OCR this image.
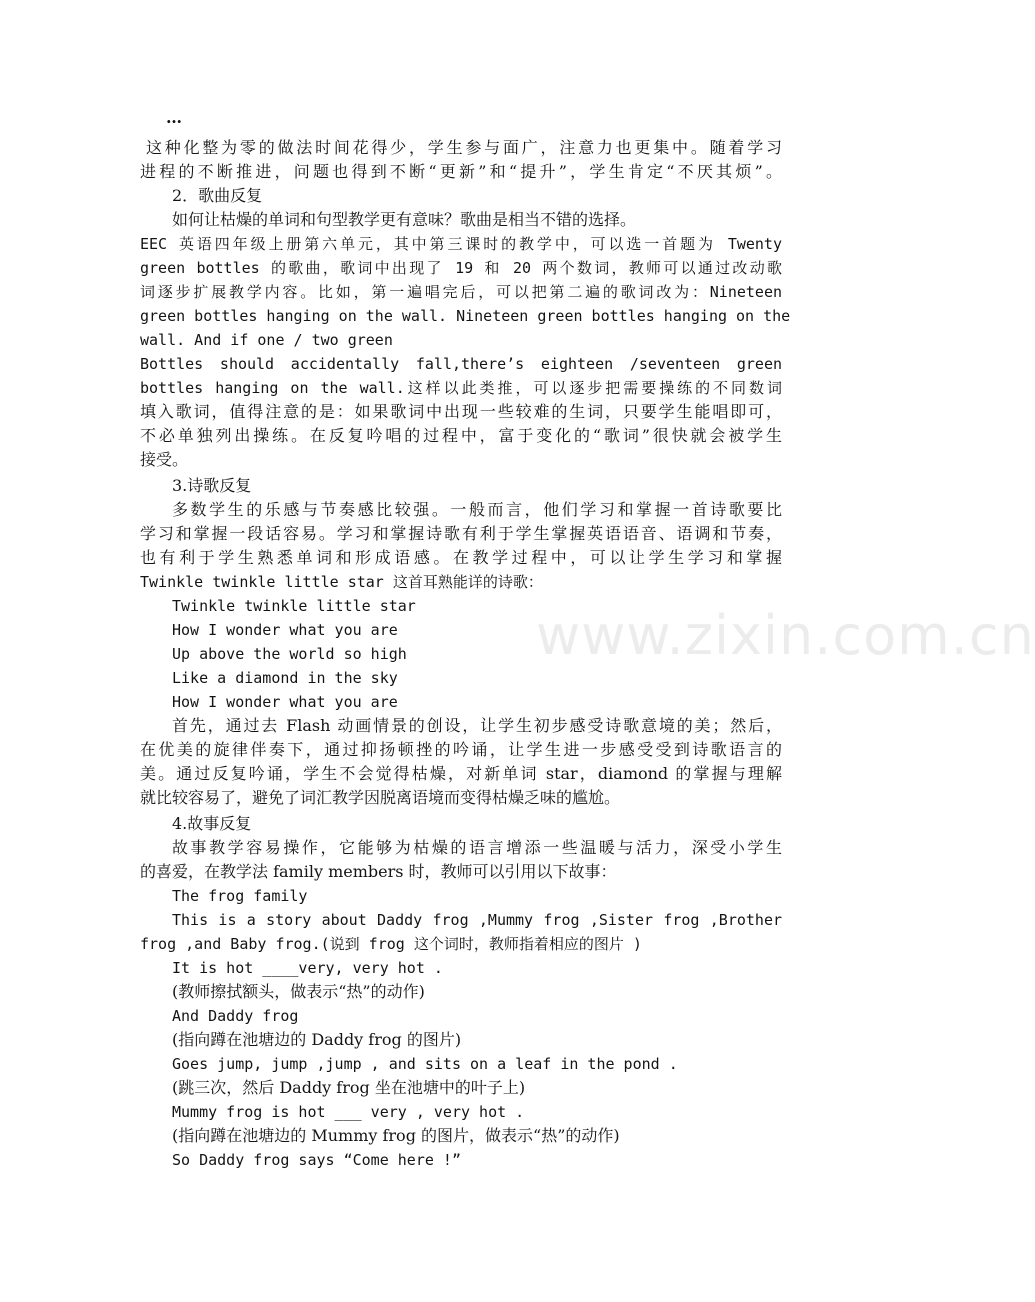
www.zixin.com.cn
…
这种化整为零的做法时间花得少，学生参与面广，注意力也更集中。随着学习
进程的不断推进，问题也得到不断“更新”和“提升”，学生肯定“不厌其烦”。
2．歌曲反复
如何让枯燥的单词和句型教学更有意味？歌曲是相当不错的选择。
EEC 英语四年级上册第六单元，其中第三课时的教学中，可以选一首题为 Twenty
green bottles 的歌曲，歌词中出现了 19 和 20 两个数词，教师可以通过改动歌
词逐步扩展教学内容。比如，第一遍唱完后，可以把第二遍的歌词改为：Nineteen
green bottles hanging on the wall. Nineteen green bottles hanging on the
wall. And if one / two green
Bottles should accidentally fall,there’s eighteen /seventeen green
bottles hanging on the wall.这样以此类推，可以逐步把需要操练的不同数词
填入歌词，值得注意的是：如果歌词中出现一些较难的生词，只要学生能唱即可，
不必单独列出操练。在反复吟唱的过程中，富于变化的“歌词”很快就会被学生
接受。
3.诗歌反复
多数学生的乐感与节奏感比较强。一般而言，他们学习和掌握一首诗歌要比
学习和掌握一段话容易。学习和掌握诗歌有利于学生掌握英语语音、语调和节奏，
也有利于学生熟悉单词和形成语感。在教学过程中，可以让学生学习和掌握
Twinkle twinkle little star 这首耳熟能详的诗歌：
Twinkle twinkle little star
How I wonder what you are
Up above the world so high
Like a diamond in the sky
How I wonder what you are
首先，通过去 Flash 动画情景的创设，让学生初步感受诗歌意境的美；然后，
在优美的旋律伴奏下，通过抑扬顿挫的吟诵，让学生进一步感受受到诗歌语言的
美。通过反复吟诵，学生不会觉得枯燥，对新单词 star，diamond 的掌握与理解
就比较容易了，避免了词汇教学因脱离语境而变得枯燥乏味的尴尬。
4.故事反复
故事教学容易操作，它能够为枯燥的语言增添一些温暖与活力，深受小学生
的喜爱，在教学法 family members 时，教师可以引用以下故事：
The frog family
This is a story about Daddy frog ,Mummy frog ,Sister frog ,Brother
frog ,and Baby frog.(说到 frog 这个词时，教师指着相应的图片 )
It is hot ____very, very hot .
(教师擦拭额头，做表示“热”的动作)
And Daddy frog
(指向蹲在池塘边的 Daddy frog 的图片)
Goes jump, jump ,jump , and sits on a leaf in the pond .
(跳三次，然后 Daddy frog 坐在池塘中的叶子上)
Mummy frog is hot ___ very , very hot .
(指向蹲在池塘边的 Mummy frog 的图片，做表示“热”的动作)
So Daddy frog says “Come here !”
